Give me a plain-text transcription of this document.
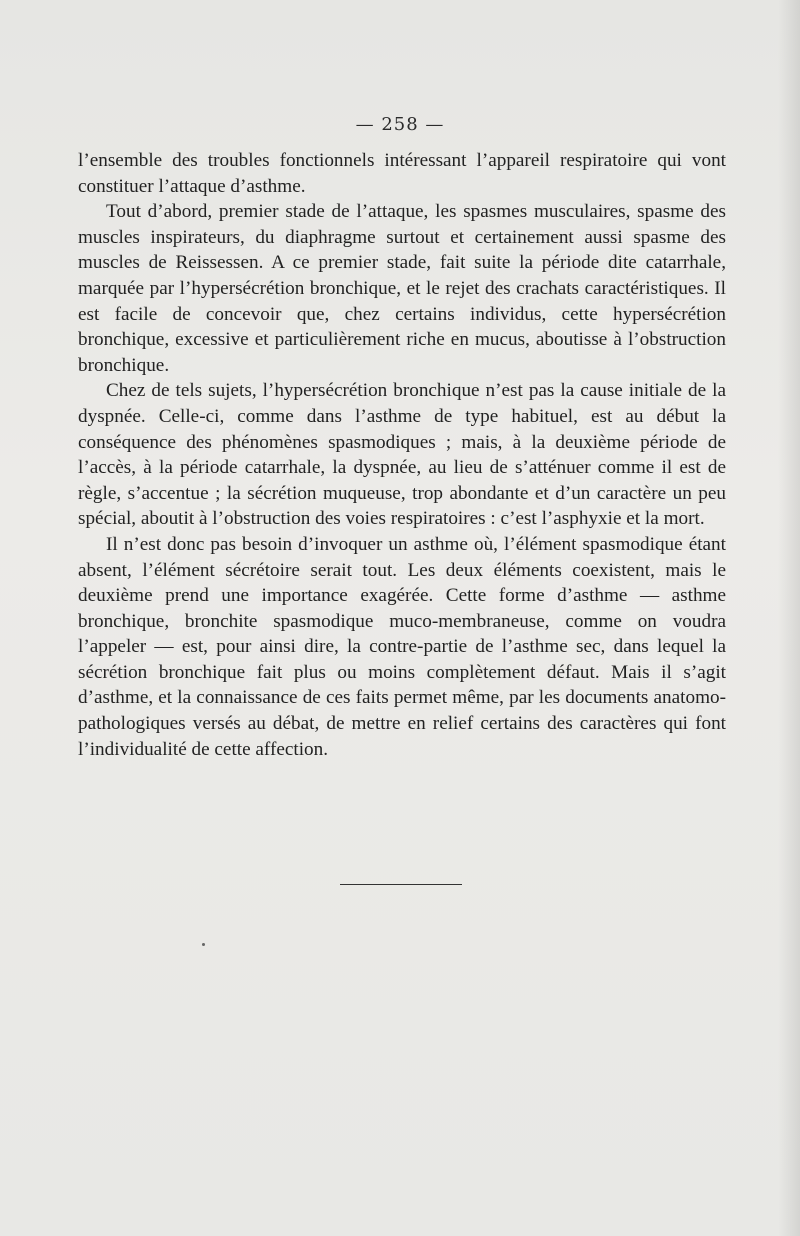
— 258 —

l’ensemble des troubles fonctionnels intéressant l’appareil respiratoire qui vont constituer l’attaque d’asthme.

Tout d’abord, premier stade de l’attaque, les spasmes musculaires, spasme des muscles inspirateurs, du diaphragme surtout et certainement aussi spasme des muscles de Reissessen. A ce premier stade, fait suite la période dite catarrhale, marquée par l’hypersécrétion bronchique, et le rejet des crachats caractéristiques. Il est facile de concevoir que, chez certains individus, cette hypersécrétion bronchique, excessive et particulièrement riche en mucus, aboutisse à l’obstruction bronchique.

Chez de tels sujets, l’hypersécrétion bronchique n’est pas la cause initiale de la dyspnée. Celle-ci, comme dans l’asthme de type habituel, est au début la conséquence des phénomènes spasmodiques ; mais, à la deuxième période de l’accès, à la période catarrhale, la dyspnée, au lieu de s’atténuer comme il est de règle, s’accentue ; la sécrétion muqueuse, trop abondante et d’un caractère un peu spécial, aboutit à l’obstruction des voies respiratoires : c’est l’asphyxie et la mort.

Il n’est donc pas besoin d’invoquer un asthme où, l’élément spasmodique étant absent, l’élément sécrétoire serait tout. Les deux éléments coexistent, mais le deuxième prend une importance exagérée. Cette forme d’asthme — asthme bronchique, bronchite spasmodique muco-membraneuse, comme on voudra l’appeler — est, pour ainsi dire, la contre-partie de l’asthme sec, dans lequel la sécrétion bronchique fait plus ou moins complètement défaut. Mais il s’agit d’asthme, et la connaissance de ces faits permet même, par les documents anatomo-pathologiques versés au débat, de mettre en relief certains des caractères qui font l’individualité de cette affection.
